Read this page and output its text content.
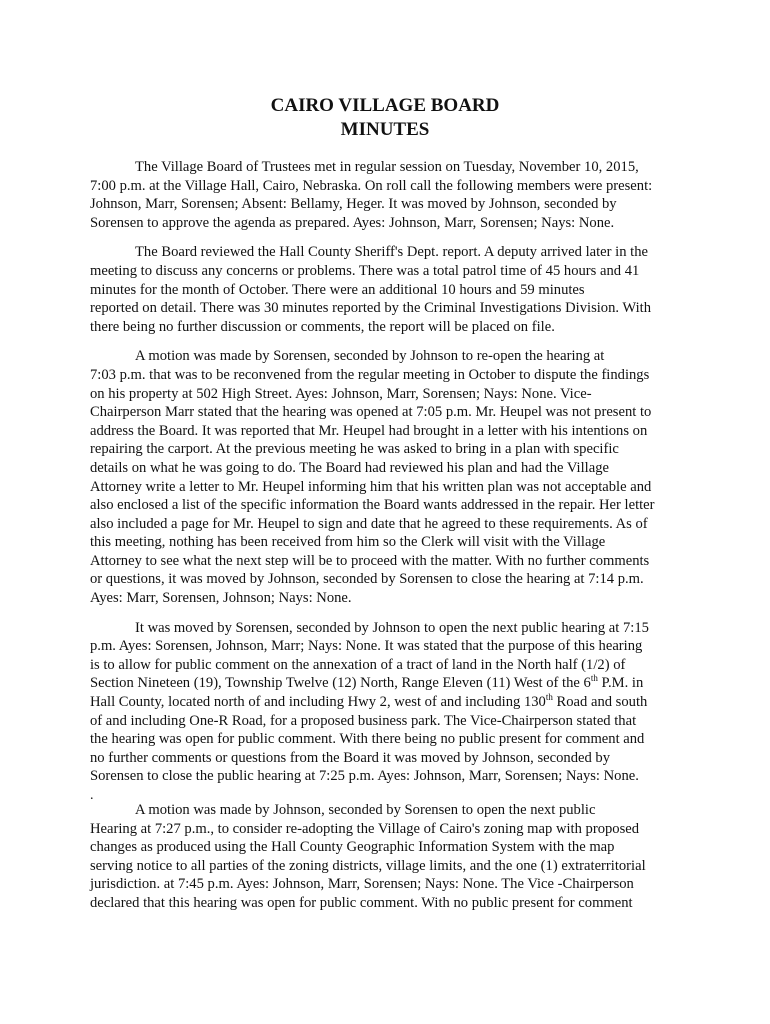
CAIRO VILLAGE BOARD
MINUTES

The Village Board of Trustees met in regular session on Tuesday, November 10, 2015,
7:00 p.m. at the Village Hall, Cairo, Nebraska. On roll call the following members were present:
Johnson, Marr, Sorensen; Absent: Bellamy, Heger. It was moved by Johnson, seconded by
Sorensen to approve the agenda as prepared. Ayes: Johnson, Marr, Sorensen; Nays: None.

The Board reviewed the Hall County Sheriff's Dept. report. A deputy arrived later in the
meeting to discuss any concerns or problems. There was a total patrol time of 45 hours and 41
minutes for the month of October. There were an additional 10 hours and 59 minutes
reported on detail. There was 30 minutes reported by the Criminal Investigations Division. With
there being no further discussion or comments, the report will be placed on file.

A motion was made by Sorensen, seconded by Johnson to re-open the hearing at
7:03 p.m. that was to be reconvened from the regular meeting in October to dispute the findings
on his property at 502 High Street. Ayes: Johnson, Marr, Sorensen; Nays: None. Vice-
Chairperson Marr stated that the hearing was opened at 7:05 p.m. Mr. Heupel was not present to
address the Board. It was reported that Mr. Heupel had brought in a letter with his intentions on
repairing the carport. At the previous meeting he was asked to bring in a plan with specific
details on what he was going to do. The Board had reviewed his plan and had the Village
Attorney write a letter to Mr. Heupel informing him that his written plan was not acceptable and
also enclosed a list of the specific information the Board wants addressed in the repair. Her letter
also included a page for Mr. Heupel to sign and date that he agreed to these requirements. As of
this meeting, nothing has been received from him so the Clerk will visit with the Village
Attorney to see what the next step will be to proceed with the matter. With no further comments
or questions, it was moved by Johnson, seconded by Sorensen to close the hearing at 7:14 p.m.
Ayes: Marr, Sorensen, Johnson; Nays: None.

It was moved by Sorensen, seconded by Johnson to open the next public hearing at 7:15
p.m. Ayes: Sorensen, Johnson, Marr; Nays: None. It was stated that the purpose of this hearing
is to allow for public comment on the annexation of a tract of land in the North half (1/2) of
Section Nineteen (19), Township Twelve (12) North, Range Eleven (11) West of the 6th P.M. in
Hall County, located north of and including Hwy 2, west of and including 130th Road and south
of and including One-R Road, for a proposed business park. The Vice-Chairperson stated that
the hearing was open for public comment. With there being no public present for comment and
no further comments or questions from the Board it was moved by Johnson, seconded by
Sorensen to close the public hearing at 7:25 p.m. Ayes: Johnson, Marr, Sorensen; Nays: None.

.

A motion was made by Johnson, seconded by Sorensen to open the next public
Hearing at 7:27 p.m., to consider re-adopting the Village of Cairo's zoning map with proposed
changes as produced using the Hall County Geographic Information System with the map
serving notice to all parties of the zoning districts, village limits, and the one (1) extraterritorial
jurisdiction. at 7:45 p.m. Ayes: Johnson, Marr, Sorensen; Nays: None. The Vice -Chairperson
declared that this hearing was open for public comment. With no public present for comment
